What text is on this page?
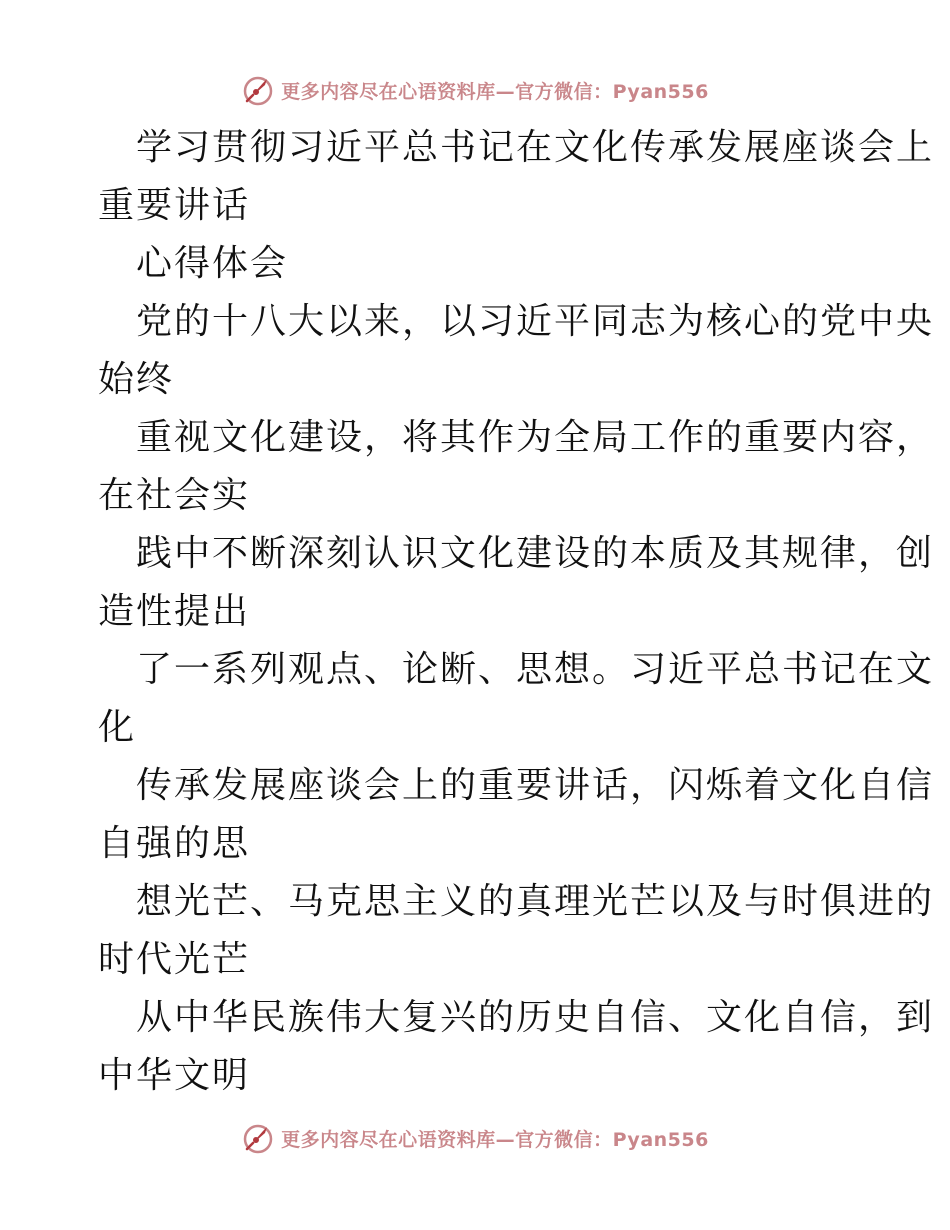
更多内容尽在心语资料库—官方微信：Pyan556
学习贯彻习近平总书记在文化传承发展座谈会上
重要讲话
心得体会
党的十八大以来，以习近平同志为核心的党中央
始终
重视文化建设，将其作为全局工作的重要内容，
在社会实
践中不断深刻认识文化建设的本质及其规律，创
造性提出
了一系列观点、论断、思想。习近平总书记在文
化
传承发展座谈会上的重要讲话，闪烁着文化自信
自强的思
想光芒、马克思主义的真理光芒以及与时俱进的
时代光芒
从中华民族伟大复兴的历史自信、文化自信，到
中华文明
更多内容尽在心语资料库—官方微信：Pyan556
